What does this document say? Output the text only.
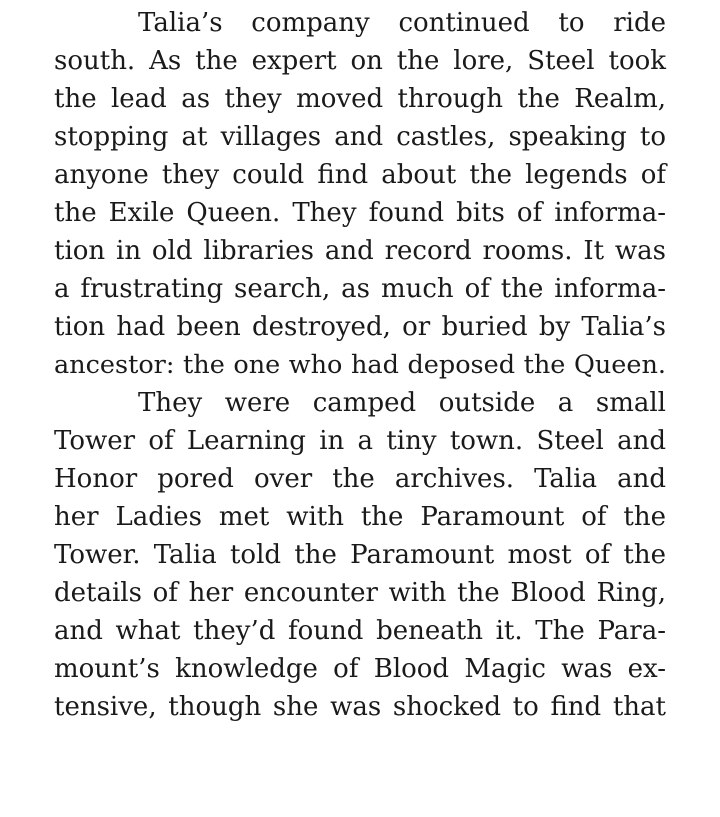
Talia’s company continued to ride
south. As the expert on the lore, Steel took
the lead as they moved through the Realm,
stopping at villages and castles, speaking to
anyone they could find about the legends of
the Exile Queen. They found bits of informa-
tion in old libraries and record rooms. It was
a frustrating search, as much of the informa-
tion had been destroyed, or buried by Talia’s
ancestor: the one who had deposed the Queen.
They were camped outside a small
Tower of Learning in a tiny town. Steel and
Honor pored over the archives. Talia and
her Ladies met with the Paramount of the
Tower. Talia told the Paramount most of the
details of her encounter with the Blood Ring,
and what they’d found beneath it. The Para-
mount’s knowledge of Blood Magic was ex-
tensive, though she was shocked to find that
